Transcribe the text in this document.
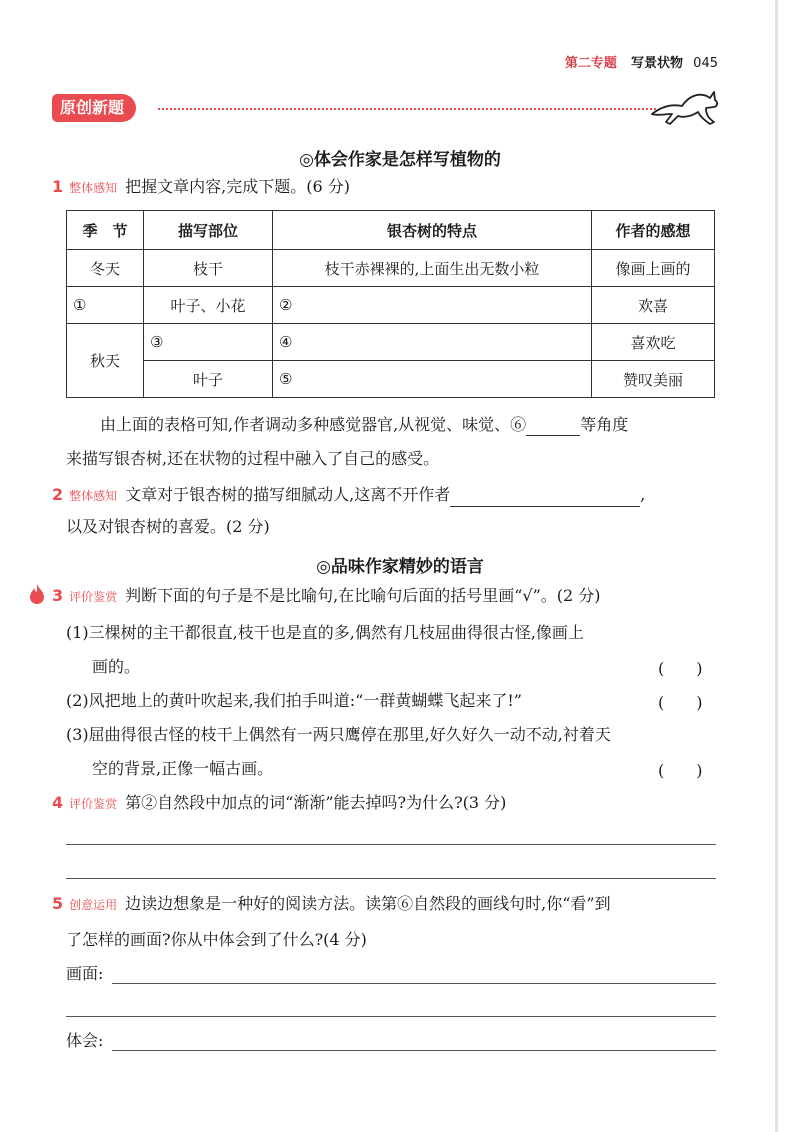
第二专题 写景状物 045
原创新题
◎体会作家是怎样写植物的
1 整体感知 把握文章内容,完成下题。(6 分)
季　节	描写部位	银杏树的特点	作者的感想
冬天	枝干	枝干赤裸裸的,上面生出无数小粒	像画上画的
①	叶子、小花	②	欢喜
秋天	③	④	喜欢吃
	叶子	⑤	赞叹美丽
由上面的表格可知,作者调动多种感觉器官,从视觉、味觉、⑥	等角度
来描写银杏树,还在状物的过程中融入了自己的感受。
2 整体感知 文章对于银杏树的描写细腻动人,这离不开作者	,
以及对银杏树的喜爱。(2 分)
◎品味作家精妙的语言
3 评价鉴赏 判断下面的句子是不是比喻句,在比喻句后面的括号里画“√”。(2 分)
(1)三棵树的主干都很直,枝干也是直的多,偶然有几枝屈曲得很古怪,像画上
画的。	(　　)
(2)风把地上的黄叶吹起来,我们拍手叫道:“一群黄蝴蝶飞起来了!”	(　　)
(3)屈曲得很古怪的枝干上偶然有一两只鹰停在那里,好久好久一动不动,衬着天
空的背景,正像一幅古画。	(　　)
4 评价鉴赏 第②自然段中加点的词“渐渐”能去掉吗?为什么?(3 分)
5 创意运用 边读边想象是一种好的阅读方法。读第⑥自然段的画线句时,你“看”到
了怎样的画面?你从中体会到了什么?(4 分)
画面:
体会:
